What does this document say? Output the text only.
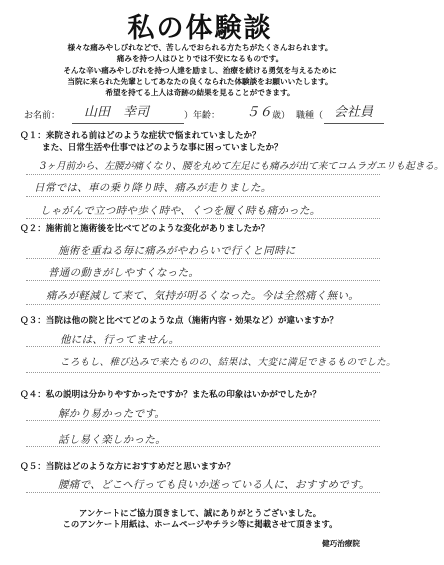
私の体験談
様々な痛みやしびれなどで、苦しんでおられる方たちがたくさんおられます。
痛みを持つ人はひとりでは不安になるものです。
そんな辛い痛みやしびれを持つ人達を励まし、治療を続ける勇気を与えるために
当院に来られた先輩としてあなたの良くなられた体験談をお願いいたします。
希望を持てる上人は奇跡の結果を見ることができます。
お名前： 山田　幸司	）年齢： ５６ 歳） 職種（ 会社員
Ｑ１：来院される前はどのような症状で悩まれていましたか？
また、日常生活や仕事ではどのような事に困っていましたか？
3ヶ月前から、左腰が痛くなり、腰を丸めて左足にも痛みが出て来てコムラガエリも起きる。
日常では、車の乗り降り時、痛みが走りました。
しゃがんで立つ時や歩く時や、くつを履く時も痛かった。
Ｑ２：施術前と施術後を比べてどのような変化がありましたか？
施術を重ねる毎に痛みがやわらいで行くと同時に
普通の動きがしやすくなった。
痛みが軽減して来て、気持が明るくなった。今は全然痛く無い。
Ｑ３：当院は他の院と比べてどのような点（施術内容・効果など）が違いますか？
他には、行ってません。
ころもし、稚び込みで来たものの、結果は、大変に満足できるものでした。
Ｑ４：私の説明は分かりやすかったですか？また私の印象はいかがでしたか？
解かり易かったです。
話し易く楽しかった。
Ｑ５：当院はどのような方におすすめだと思いますか？
腰痛で、どこへ行っても良いか迷っている人に、おすすめです。
アンケートにご協力頂きまして、誠にありがとうございました。
このアンケート用紙は、ホームページやチラシ等に掲載させて頂きます。
健巧治療院
